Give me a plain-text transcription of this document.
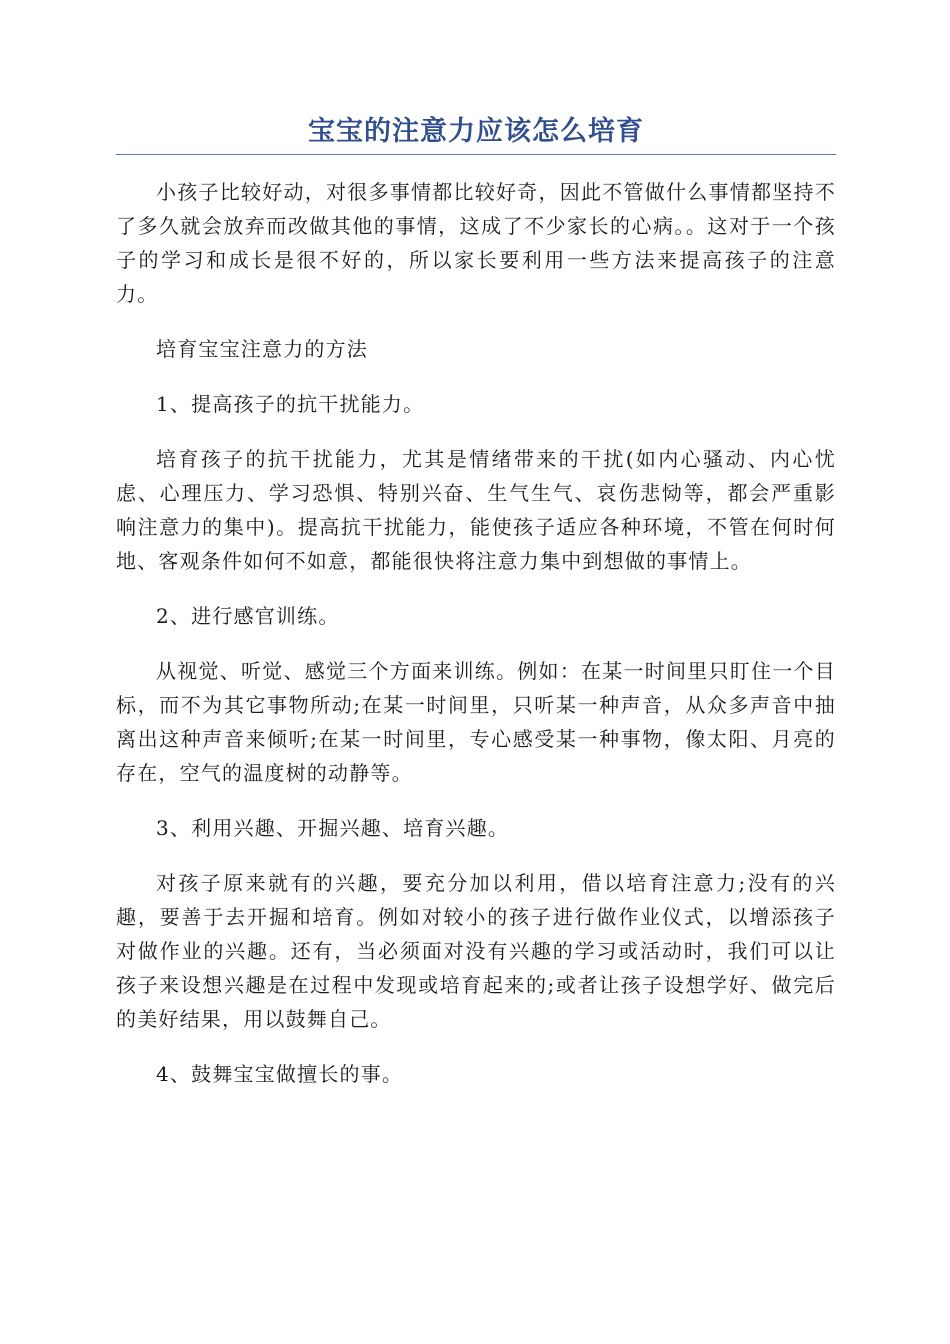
宝宝的注意力应该怎么培育

小孩子比较好动，对很多事情都比较好奇，因此不管做什么事情都坚持不了多久就会放弃而改做其他的事情，这成了不少家长的心病。。这对于一个孩子的学习和成长是很不好的，所以家长要利用一些方法来提高孩子的注意力。

培育宝宝注意力的方法

1、提高孩子的抗干扰能力。

培育孩子的抗干扰能力，尤其是情绪带来的干扰(如内心骚动、内心忧虑、心理压力、学习恐惧、特别兴奋、生气生气、哀伤悲恸等，都会严重影响注意力的集中)。提高抗干扰能力，能使孩子适应各种环境，不管在何时何地、客观条件如何不如意，都能很快将注意力集中到想做的事情上。

2、进行感官训练。

从视觉、听觉、感觉三个方面来训练。例如：在某一时间里只盯住一个目标，而不为其它事物所动;在某一时间里，只听某一种声音，从众多声音中抽离出这种声音来倾听;在某一时间里，专心感受某一种事物，像太阳、月亮的存在，空气的温度树的动静等。

3、利用兴趣、开掘兴趣、培育兴趣。

对孩子原来就有的兴趣，要充分加以利用，借以培育注意力;没有的兴趣，要善于去开掘和培育。例如对较小的孩子进行做作业仪式，以增添孩子对做作业的兴趣。还有，当必须面对没有兴趣的学习或活动时，我们可以让孩子来设想兴趣是在过程中发现或培育起来的;或者让孩子设想学好、做完后的美好结果，用以鼓舞自己。

4、鼓舞宝宝做擅长的事。
